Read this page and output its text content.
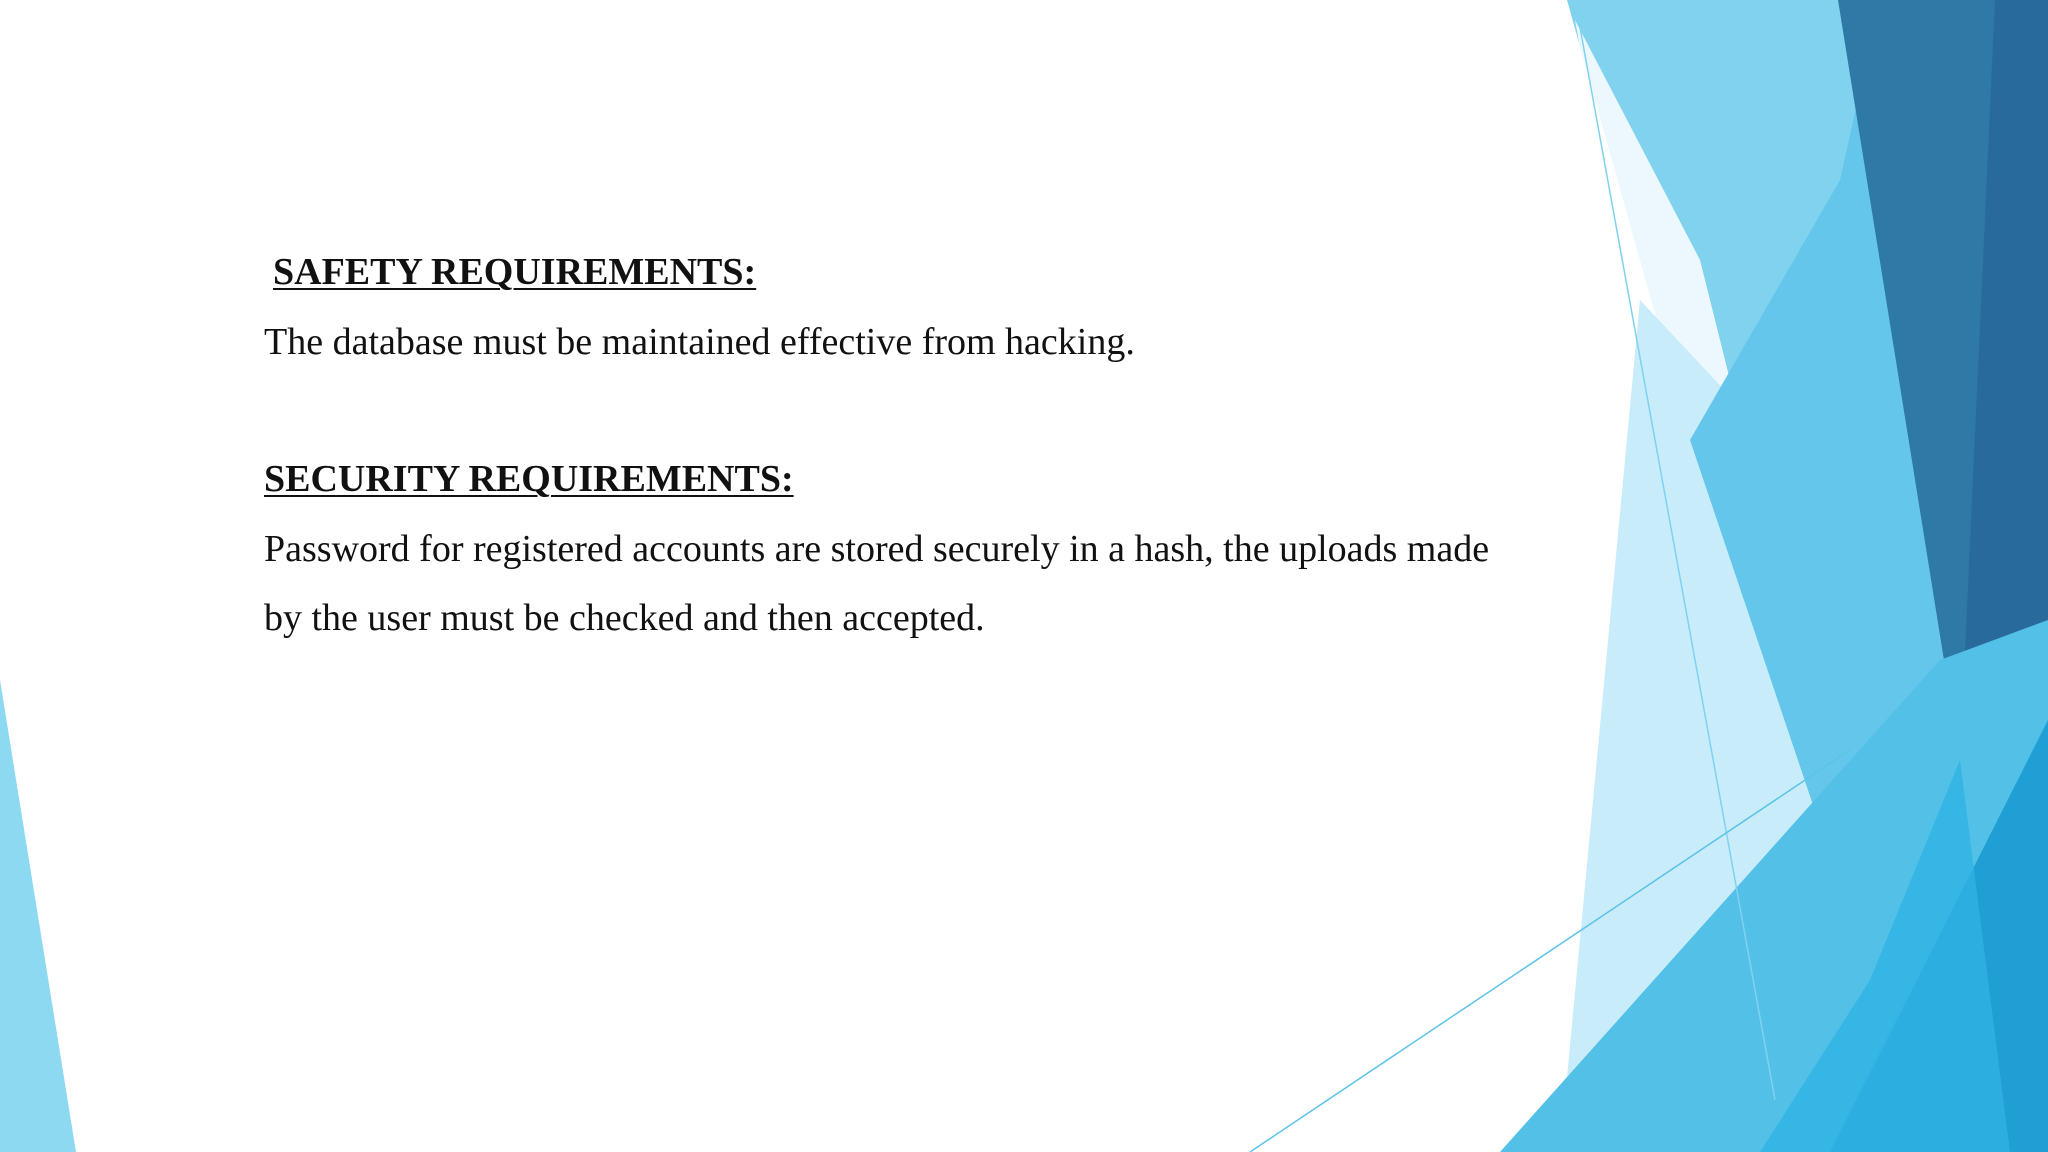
SAFETY REQUIREMENTS:

The database must be maintained effective from hacking.

SECURITY REQUIREMENTS:

Password for registered accounts are stored securely in a hash, the uploads made

by the user must be checked and then accepted.
